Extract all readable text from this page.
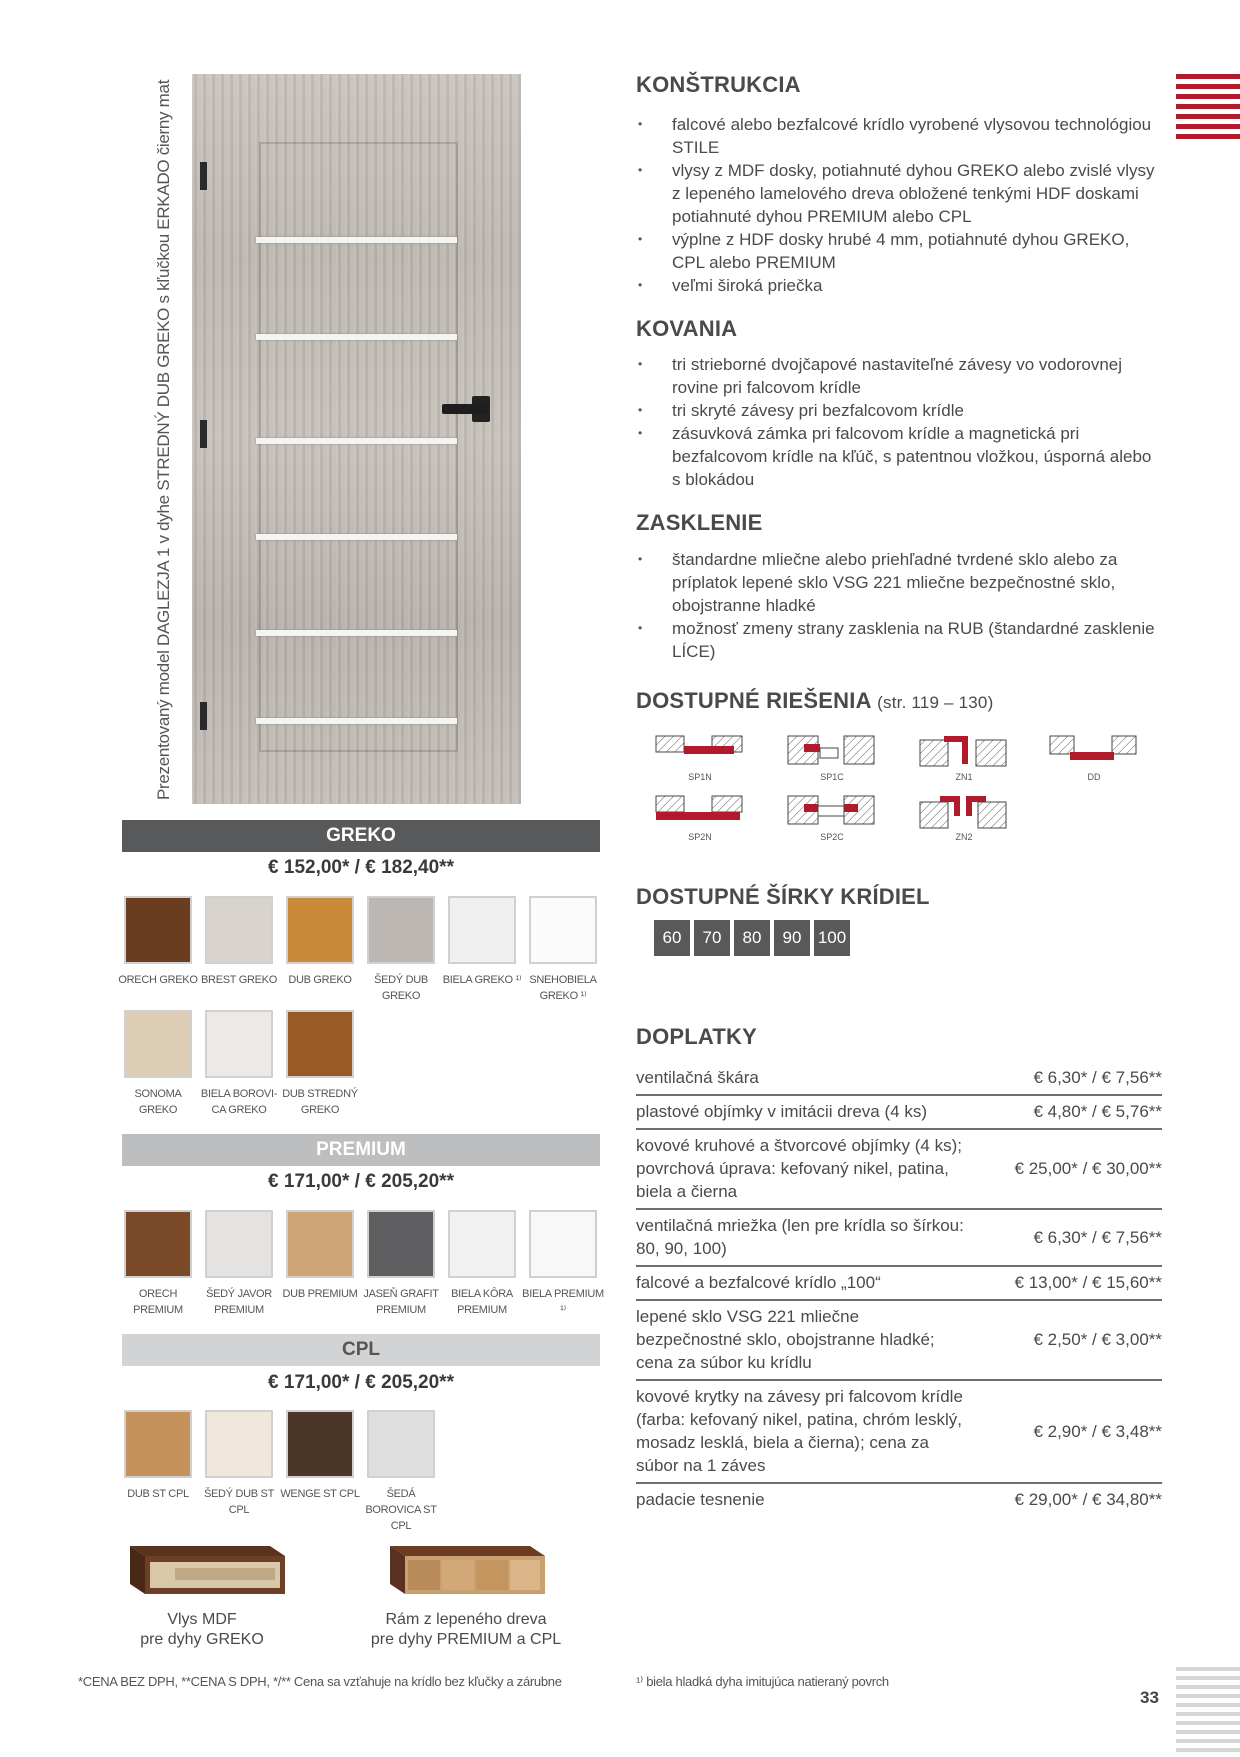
Prezentovaný model DAGLEZJA 1 v dyhe STREDNÝ DUB GREKO s kľučkou ERKADO čierny mat
GREKO
€ 152,00* / € 182,40**
ORECH GREKO BREST GREKO	DUB GREKO	ŠEDÝ DUB GREKO
BIELA GREKO ¹⁾ SNEHOBIELA GREKO ¹⁾
SONOMA GREKO
BIELA BOROVI-CA GREKO
DUB STREDNÝ GREKO
PREMIUM
€ 171,00* / € 205,20**
ORECH PREMIUM
ŠEDÝ JAVOR PREMIUM
DUB PREMIUM JASEŇ GRAFIT PREMIUM
BIELA KÔRA PREMIUM
BIELA PREMIUM ¹⁾
CPL
€ 171,00* / € 205,20**
DUB ST CPL	ŠEDÝ DUB ST CPL
WENGE ST CPL	ŠEDÁ BOROVICA ST CPL
Vlys MDF
pre dyhy GREKO
Rám z lepeného dreva
pre dyhy PREMIUM a CPL
KONŠTRUKCIA
• falcové alebo bezfalcové krídlo vyrobené vlysovou technológiou STILE
• vlysy z MDF dosky, potiahnuté dyhou GREKO alebo zvislé vlysy z lepeného lamelového dreva obložené tenkými HDF doskami potiahnuté dyhou PREMIUM alebo CPL
• výplne z HDF dosky hrubé 4 mm, potiahnuté dyhou GREKO, CPL alebo PREMIUM
• veľmi široká priečka
KOVANIA
• tri strieborné dvojčapové nastaviteľné závesy vo vodorovnej rovine pri falcovom krídle
• tri skryté závesy pri bezfalcovom krídle
• zásuvková zámka pri falcovom krídle a magnetická pri bezfalcovom krídle na kľúč, s patentnou vložkou, úsporná alebo s blokádou
ZASKLENIE
• štandardne mliečne alebo priehľadné tvrdené sklo alebo za príplatok lepené sklo VSG 221 mliečne bezpečnostné sklo, obojstranne hladké
• možnosť zmeny strany zasklenia na RUB (štandardné zasklenie LÍCE)
DOSTUPNÉ RIEŠENIA (str. 119 – 130)
SP1N	SP1C	ZN1	DD
SP2N	SP2C	ZN2
DOSTUPNÉ ŠÍRKY KRÍDIEL
60	70	80	90 100
DOPLATKY
ventilačná škára	€ 6,30* / € 7,56**
plastové objímky v imitácii dreva (4 ks)	€ 4,80* / € 5,76**
kovové kruhové a štvorcové objímky (4 ks); povrchová úprava: kefovaný nikel, patina, biela a čierna
€ 25,00* / € 30,00**
ventilačná mriežka (len pre krídla so šírkou: 80, 90, 100)
€ 6,30* / € 7,56**
falcové a bezfalcové krídlo „100“	€ 13,00* / € 15,60**
lepené sklo VSG 221 mliečne bezpečnostné sklo, obojstranne hladké; cena za súbor ku krídlu
€ 2,50* / € 3,00**
kovové krytky na závesy pri falcovom krídle (farba: kefovaný nikel, patina, chróm lesklý, mosadz lesklá, biela a čierna); cena za súbor na 1 záves
€ 2,90* / € 3,48**
padacie tesnenie	€ 29,00* / € 34,80**
*CENA BEZ DPH, **CENA S DPH, */** Cena sa vzťahuje na krídlo bez kľučky a zárubne	¹⁾ biela hladká dyha imitujúca natieraný povrch
33
